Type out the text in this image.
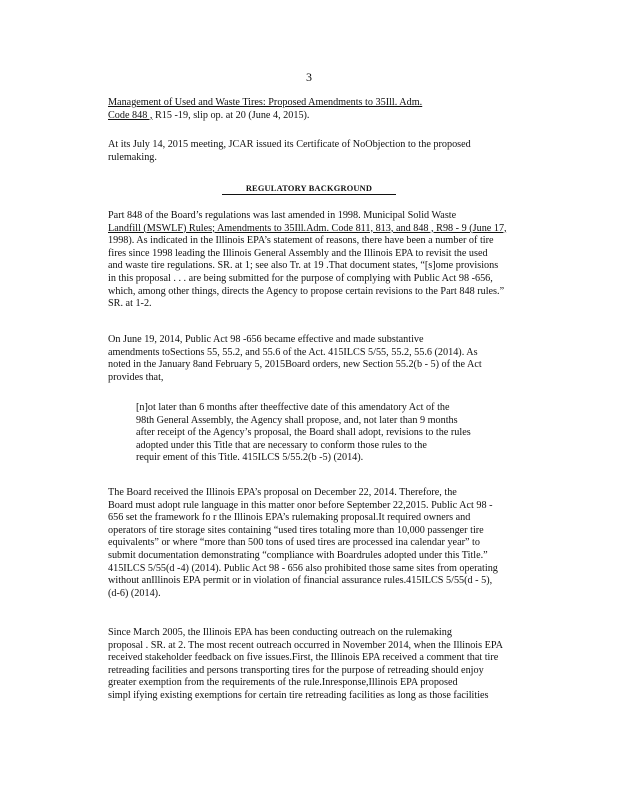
3
Management of Used and Waste Tires: Proposed Amendments to 35Ill. Adm.
Code 848 , R15 -19, slip op. at 20 (June 4, 2015).
At its July 14, 2015 meeting, JCAR issued its Certificate of NoObjection to the proposed
rulemaking.
REGULATORY BACKGROUND
Part 848 of the Board’s regulations was last amended in 1998. Municipal Solid Waste
Landfill (MSWLF) Rules; Amendments to 35Ill.Adm. Code 811, 813, and 848 , R98 - 9 (June 17,
1998). As indicated in the Illinois EPA’s statement of reasons, there have been a number of tire
fires since 1998 leading the Illinois General Assembly and the Illinois EPA to revisit the used
and waste tire regulations. SR. at 1; see also Tr. at 19 .That document states, “[s]ome provisions
in this proposal . . . are being submitted for the purpose of complying with Public Act 98 -656,
which, among other things, directs the Agency to propose certain revisions to the Part 848 rules.”
SR. at 1-2.
On June 19, 2014, Public Act 98 -656 became effective and made substantive
amendments toSections 55, 55.2, and 55.6 of the Act. 415ILCS 5/55, 55.2, 55.6 (2014). As
noted in the January 8and February 5, 2015Board orders, new Section 55.2(b - 5) of the Act
provides that,
[n]ot later than 6 months after theeffective date of this amendatory Act of the
98th General Assembly, the Agency shall propose, and, not later than 9 months
after receipt of the Agency’s proposal, the Board shall adopt, revisions to the rules
adopted under this Title that are necessary to conform those rules to the
requir ement of this Title. 415ILCS 5/55.2(b -5) (2014).
The Board received the Illinois EPA’s proposal on December 22, 2014. Therefore, the
Board must adopt rule language in this matter onor before September 22,2015. Public Act 98 -
656 set the framework fo r the Illinois EPA’s rulemaking proposal.It required owners and
operators of tire storage sites containing “used tires totaling more than 10,000 passenger tire
equivalents” or where “more than 500 tons of used tires are processed ina calendar year” to
submit documentation demonstrating “compliance with Boardrules adopted under this Title.”
415ILCS 5/55(d -4) (2014). Public Act 98 - 656 also prohibited those same sites from operating
without anIllinois EPA permit or in violation of financial assurance rules.415ILCS 5/55(d - 5),
(d-6) (2014).
Since March 2005, the Illinois EPA has been conducting outreach on the rulemaking
proposal . SR. at 2. The most recent outreach occurred in November 2014, when the Illinois EPA
received stakeholder feedback on five issues.First, the Illinois EPA received a comment that tire
retreading facilities and persons transporting tires for the purpose of retreading should enjoy
greater exemption from the requirements of the rule.Inresponse,Illinois EPA proposed
simpl ifying existing exemptions for certain tire retreading facilities as long as those facilities
